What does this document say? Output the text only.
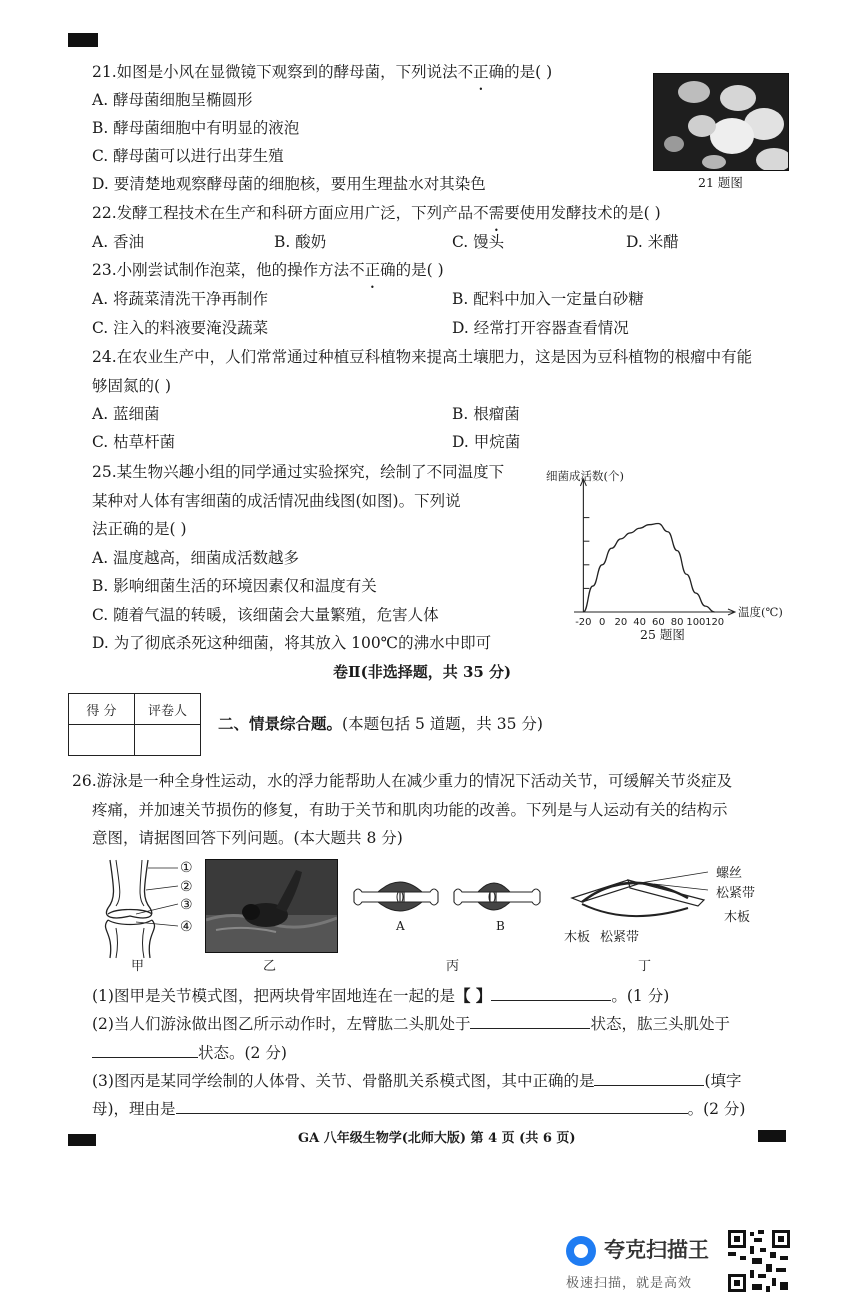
21.如图是小风在显微镜下观察到的酵母菌，下列说法不正确的是( )
A. 酵母菌细胞呈椭圆形
B. 酵母菌细胞中有明显的液泡
C. 酵母菌可以进行出芽生殖
D. 要清楚地观察酵母菌的细胞核，要用生理盐水对其染色	21 题图
22.发酵工程技术在生产和科研方面应用广泛，下列产品不需要使用发酵技术的是( )
A. 香油	B. 酸奶	C. 馒头	D. 米醋
23.小刚尝试制作泡菜，他的操作方法不正确的是( )
A. 将蔬菜清洗干净再制作	B. 配料中加入一定量白砂糖
C. 注入的料液要淹没蔬菜	D. 经常打开容器查看情况
24.在农业生产中，人们常常通过种植豆科植物来提高土壤肥力，这是因为豆科植物的根瘤中有能
够固氮的( )
A. 蓝细菌	B. 根瘤菌
C. 枯草杆菌	D. 甲烷菌
25.某生物兴趣小组的同学通过实验探究，绘制了不同温度下
某种对人体有害细菌的成活情况曲线图(如图)。下列说
法正确的是( )
A. 温度越高，细菌成活数越多
B. 影响细菌生活的环境因素仅和温度有关
C. 随着气温的转暖，该细菌会大量繁殖，危害人体
D. 为了彻底杀死这种细菌，将其放入 100℃的沸水中即可
-20 0 20 40 60 80 100 120
细菌成活数(个)
温度(℃)
25 题图
卷Ⅱ(非选择题，共 35 分)
得 分	评卷人

二、情景综合题。(本题包括 5 道题，共 35 分)
26.游泳是一种全身性运动，水的浮力能帮助人在减少重力的情况下活动关节，可缓解关节炎症及
疼痛，并加速关节损伤的修复，有助于关节和肌肉功能的改善。下列是与人运动有关的结构示
意图，请据图回答下列问题。(本大题共 8 分)
①
②
③
④
甲	乙
A	B
丙
螺丝
松紧带
木板
木板 松紧带
丁
(1)图甲是关节模式图，把两块骨牢固地连在一起的是【 】	。(1 分)
(2)当人们游泳做出图乙所示动作时，左臂肱二头肌处于	状态，肱三头肌处于
状态。(2 分)
(3)图丙是某同学绘制的人体骨、关节、骨骼肌关系模式图，其中正确的是	(填字
母)，理由是	。(2 分)
GA 八年级生物学(北师大版) 第 4 页 (共 6 页)
夸克扫描王
极速扫描，就是高效
